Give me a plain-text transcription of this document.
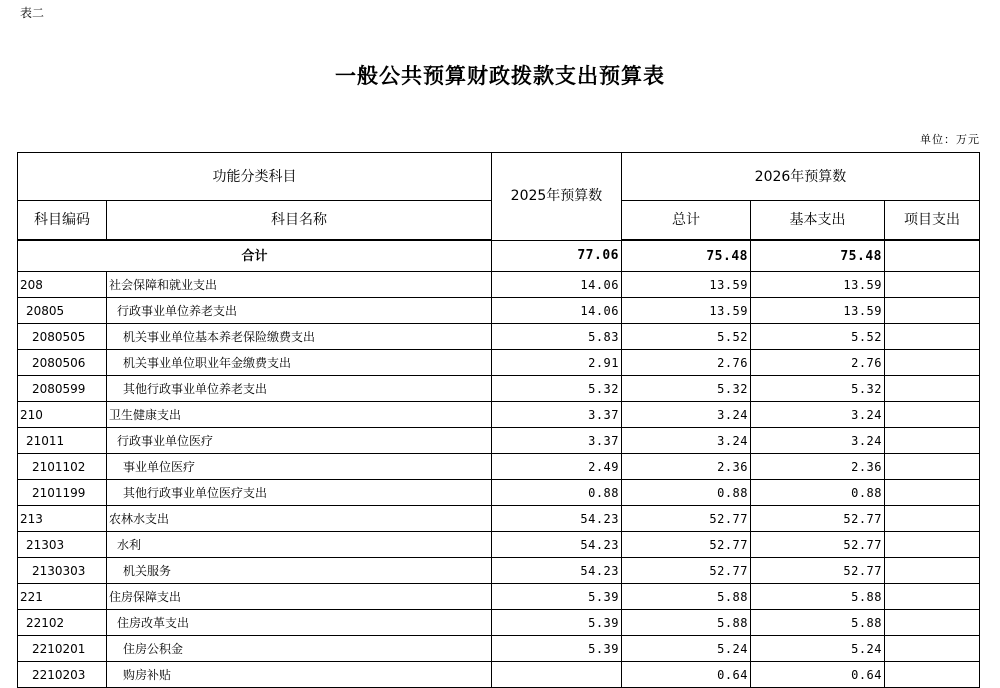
表二
一般公共预算财政拨款支出预算表
单位：万元
功能分类科目		2025年预算数	2026年预算数		
科目编码	科目名称		总计	基本支出	项目支出
合计		77.06	75.48	75.48	
208	社会保障和就业支出	14.06	13.59	13.59	
20805	行政事业单位养老支出	14.06	13.59	13.59	
2080505	机关事业单位基本养老保险缴费支出	5.83	5.52	5.52	
2080506	机关事业单位职业年金缴费支出	2.91	2.76	2.76	
2080599	其他行政事业单位养老支出	5.32	5.32	5.32	
210	卫生健康支出	3.37	3.24	3.24	
21011	行政事业单位医疗	3.37	3.24	3.24	
2101102	事业单位医疗	2.49	2.36	2.36	
2101199	其他行政事业单位医疗支出	0.88	0.88	0.88	
213	农林水支出	54.23	52.77	52.77	
21303	水利	54.23	52.77	52.77	
2130303	机关服务	54.23	52.77	52.77	
221	住房保障支出	5.39	5.88	5.88	
22102	住房改革支出	5.39	5.88	5.88	
2210201	住房公积金	5.39	5.24	5.24	
2210203	购房补贴		0.64	0.64	
